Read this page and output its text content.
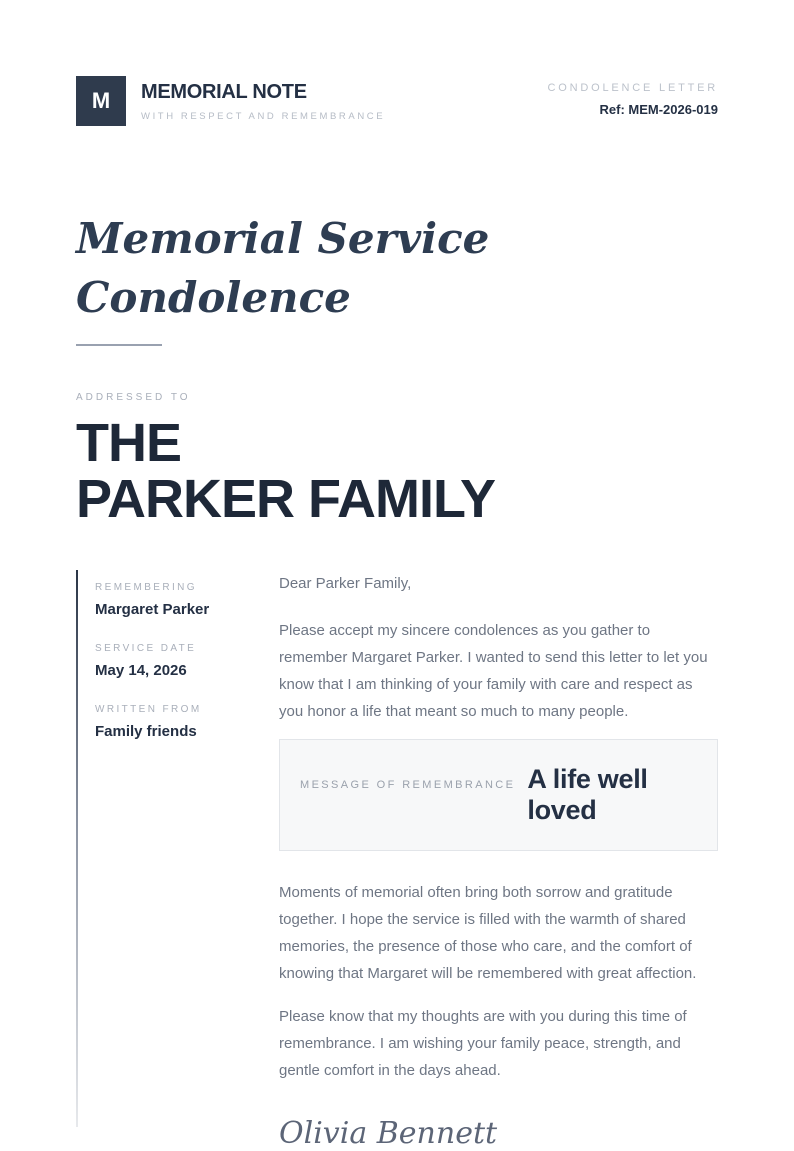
M MEMORIAL NOTE
WITH RESPECT AND REMEMBRANCE
CONDOLENCE LETTER
Ref: MEM-2026-019
Memorial Service
Condolence
ADDRESSED TO
THE
PARKER FAMILY
REMEMBERING
Margaret Parker
SERVICE DATE
May 14, 2026
WRITTEN FROM
Family friends
Dear Parker Family,
Please accept my sincere condolences as you gather to remember Margaret Parker. I wanted to send this letter to let you know that I am thinking of your family with care and respect as you honor a life that meant so much to many people.
MESSAGE OF REMEMBRANCE A life well loved
Moments of memorial often bring both sorrow and gratitude together. I hope the service is filled with the warmth of shared memories, the presence of those who care, and the comfort of knowing that Margaret will be remembered with great affection.
Please know that my thoughts are with you during this time of remembrance. I am wishing your family peace, strength, and gentle comfort in the days ahead.
Olivia Bennett
